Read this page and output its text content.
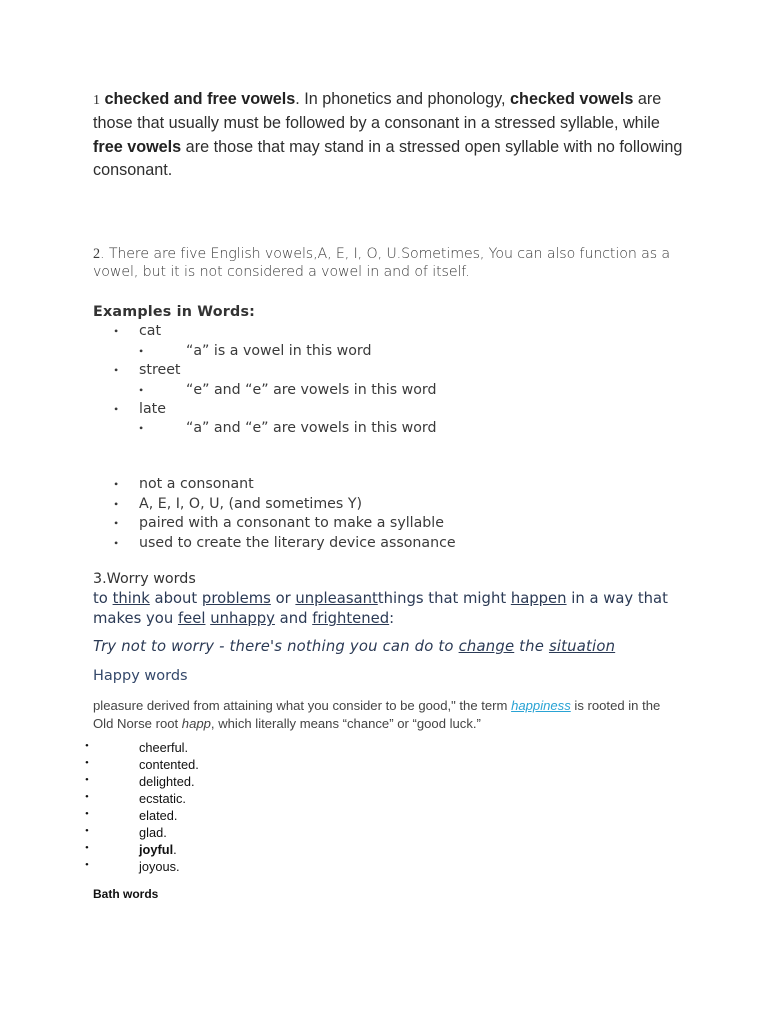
1 checked and free vowels. In phonetics and phonology, checked vowels are those that usually must be followed by a consonant in a stressed syllable, while free vowels are those that may stand in a stressed open syllable with no following consonant.
2. There are five English vowels,A, E, I, O, U.Sometimes, You can also function as a vowel, but it is not considered a vowel in and of itself.
Examples in Words:
• cat
•	“a” is a vowel in this word
• street
•	“e” and “e” are vowels in this word
• late
•	“a” and “e” are vowels in this word
• not a consonant
• A, E, I, O, U, (and sometimes Y)
• paired with a consonant to make a syllable
• used to create the literary device assonance
3.Worry words
to think about problems or unpleasantthings that might happen in a way that makes you feel unhappy and frightened:
Try not to worry - there's nothing you can do to change the situation
Happy words
pleasure derived from attaining what you consider to be good," the term happiness is rooted in the Old Norse root happ, which literally means “chance” or “good luck.”
•	cheerful.
•	contented.
•	delighted.
•	ecstatic.
•	elated.
•	glad.
•	joyful.
•	joyous.
Bath words
